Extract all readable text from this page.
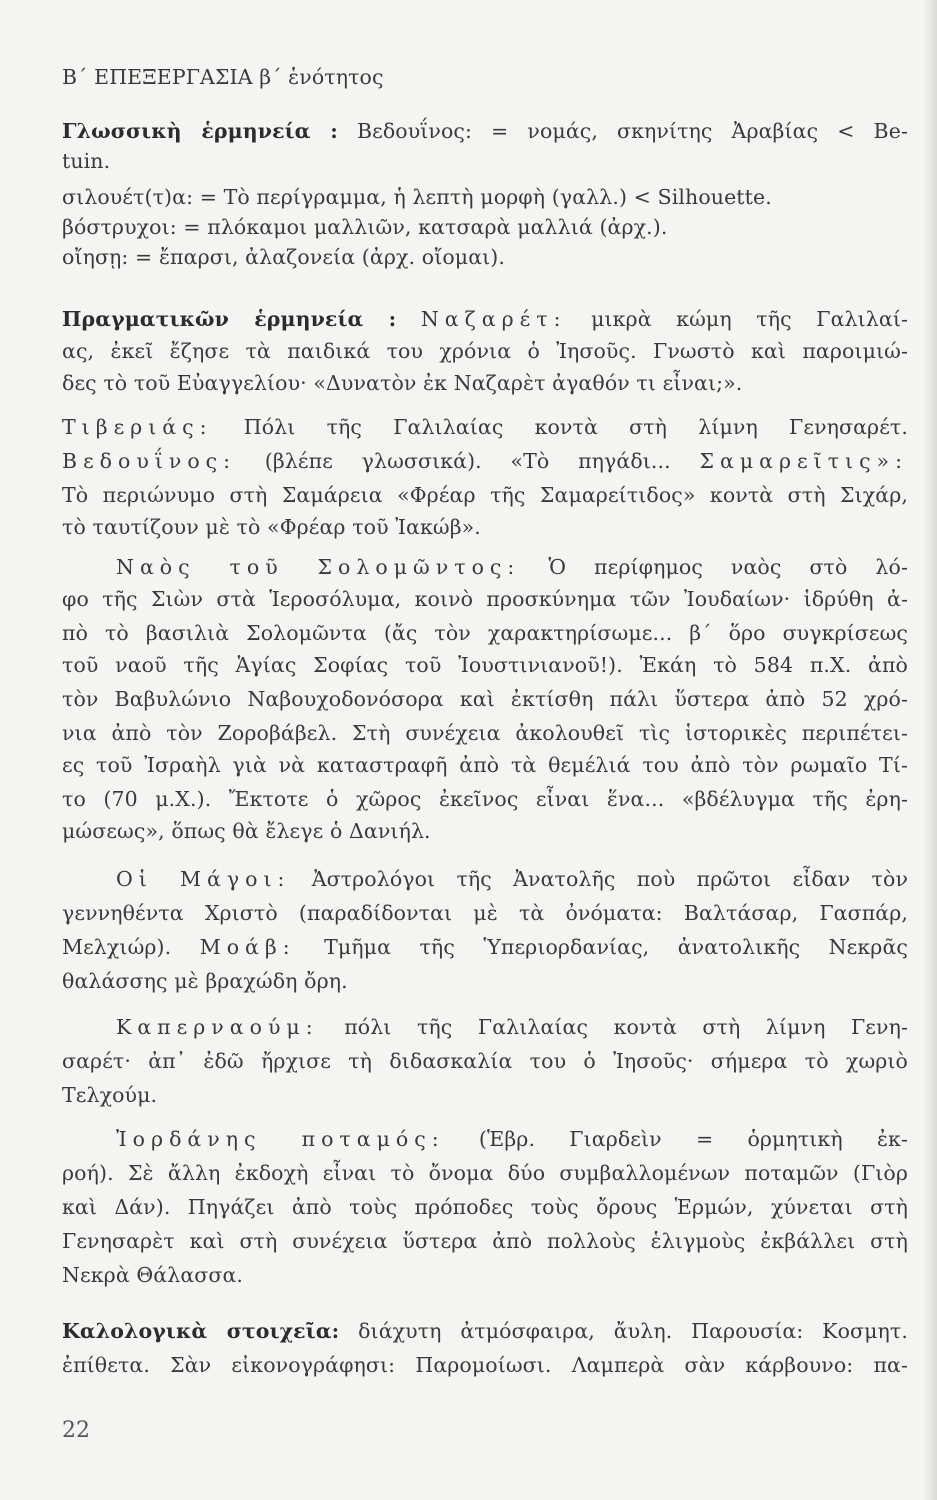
Β΄ ΕΠΕΞΕΡΓΑΣΙΑ β΄ ἑνότητος
Γλωσσικὴ ἑρμηνεία : Βεδουΐνος: = νομάς, σκηνίτης Ἀραβίας < Be-
tuin.
σιλουέτ(τ)α: = Τὸ περίγραμμα, ἡ λεπτὴ μορφὴ (γαλλ.) < Silhouette.
βόστρυχοι: = πλόκαμοι μαλλιῶν, κατσαρὰ μαλλιά (ἀρχ.).
οἴησῃ: = ἔπαρσι, ἀλαζονεία (ἀρχ. οἴομαι).
Πραγματικῶν ἑρμηνεία : Ναζαρέτ: μικρὰ κώμη τῆς Γαλιλαί-
ας, ἐκεῖ ἔζησε τὰ παιδικά του χρόνια ὁ Ἰησοῦς. Γνωστὸ καὶ παροιμιώ-
δες τὸ τοῦ Εὐαγγελίου· «Δυνατὸν ἐκ Ναζαρὲτ ἀγαθόν τι εἶναι;».
Τιβεριάς: Πόλι τῆς Γαλιλαίας κοντὰ στὴ λίμνη Γενησαρέτ.
Βεδουΐνος: (βλέπε γλωσσικά). «Τὸ πηγάδι... Σαμαρεῖτις»:
Τὸ περιώνυμο στὴ Σαμάρεια «Φρέαρ τῆς Σαμαρείτιδος» κοντὰ στὴ Σιχάρ,
τὸ ταυτίζουν μὲ τὸ «Φρέαρ τοῦ Ἰακώβ».
Ναὸς τοῦ Σολομῶντος: Ὁ περίφημος ναὸς στὸ λό-
φο τῆς Σιὼν στὰ Ἱεροσόλυμα, κοινὸ προσκύνημα τῶν Ἰουδαίων· ἱδρύθη ἀ-
πὸ τὸ βασιλιὰ Σολομῶντα (ἄς τὸν χαρακτηρίσωμε... β΄ ὅρο συγκρίσεως
τοῦ ναοῦ τῆς Ἁγίας Σοφίας τοῦ Ἰουστινιανοῦ!). Ἐκάη τὸ 584 π.Χ. ἀπὸ
τὸν Βαβυλώνιο Ναβουχοδονόσορα καὶ ἐκτίσθη πάλι ὕστερα ἀπὸ 52 χρό-
νια ἀπὸ τὸν Ζοροβάβελ. Στὴ συνέχεια ἀκολουθεῖ τὶς ἱστορικὲς περιπέτει-
ες τοῦ Ἰσραὴλ γιὰ νὰ καταστραφῆ ἀπὸ τὰ θεμέλιά του ἀπὸ τὸν ρωμαῖο Τί-
το (70 μ.Χ.). Ἔκτοτε ὁ χῶρος ἐκεῖνος εἶναι ἕνα... «βδέλυγμα τῆς ἐρη-
μώσεως», ὅπως θὰ ἔλεγε ὁ Δανιήλ.
Οἱ Μάγοι: Ἀστρολόγοι τῆς Ἀνατολῆς ποὺ πρῶτοι εἶδαν τὸν
γεννηθέντα Χριστὸ (παραδίδονται μὲ τὰ ὀνόματα: Βαλτάσαρ, Γασπάρ,
Μελχιώρ). Μοάβ: Τμῆμα τῆς Ὑπεριορδανίας, ἀνατολικῆς Νεκρᾶς
θαλάσσης μὲ βραχώδη ὄρη.
Καπερναούμ: πόλι τῆς Γαλιλαίας κοντὰ στὴ λίμνη Γενη-
σαρέτ· ἀπ᾽ ἐδῶ ἤρχισε τὴ διδασκαλία του ὁ Ἰησοῦς· σήμερα τὸ χωριὸ
Τελχούμ.
Ἰορδάνης ποταμός: (Ἑβρ. Γιαρδεὶν = ὁρμητικὴ ἐκ-
ροή). Σὲ ἄλλη ἐκδοχὴ εἶναι τὸ ὄνομα δύο συμβαλλομένων ποταμῶν (Γιὸρ
καὶ Δάν). Πηγάζει ἀπὸ τοὺς πρόποδες τοὺς ὄρους Ἑρμών, χύνεται στὴ
Γενησαρὲτ καὶ στὴ συνέχεια ὕστερα ἀπὸ πολλοὺς ἑλιγμοὺς ἐκβάλλει στὴ
Νεκρὰ Θάλασσα.
Καλολογικὰ στοιχεῖα: διάχυτη ἀτμόσφαιρα, ἄυλη. Παρουσία: Κοσμητ.
ἐπίθετα. Σὰν εἰκονογράφησι: Παρομοίωσι. Λαμπερὰ σὰν κάρβουνο: πα-
22
